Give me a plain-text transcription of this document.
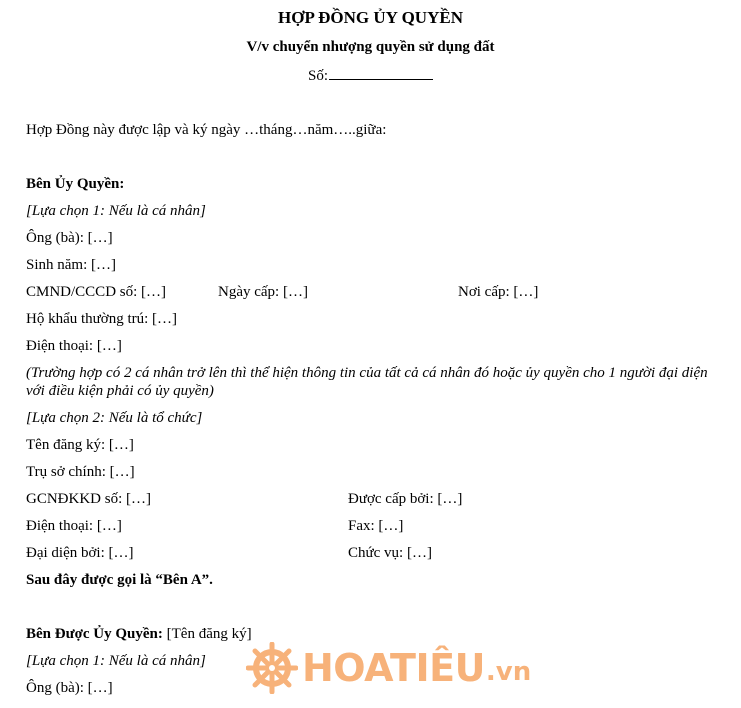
HỢP ĐỒNG ỦY QUYỀN
V/v chuyển nhượng quyền sử dụng đất
Số:
Hợp Đồng này được lập và ký ngày …tháng…năm…..giữa:
Bên Ủy Quyền:
[Lựa chọn 1: Nếu là cá nhân]
Ông (bà): […]
Sinh năm: […]
CMND/CCCD số: […]	Ngày cấp: […]	Nơi cấp: […]
Hộ khẩu thường trú: […]
Điện thoại: […]
(Trường hợp có 2 cá nhân trở lên thì thể hiện thông tin của tất cả cá nhân đó hoặc ủy quyền cho 1 người đại diện với điều kiện phải có ủy quyền)
[Lựa chọn 2: Nếu là tổ chức]
Tên đăng ký: […]
Trụ sở chính: […]
GCNĐKKD số: […]	Được cấp bởi: […]
Điện thoại: […]	Fax: […]
Đại diện bởi: […]	Chức vụ: […]
Sau đây được gọi là “Bên A”.
Bên Được Ủy Quyền: [Tên đăng ký]
[Lựa chọn 1: Nếu là cá nhân]
Ông (bà): […]	HOATIÊU .vn
